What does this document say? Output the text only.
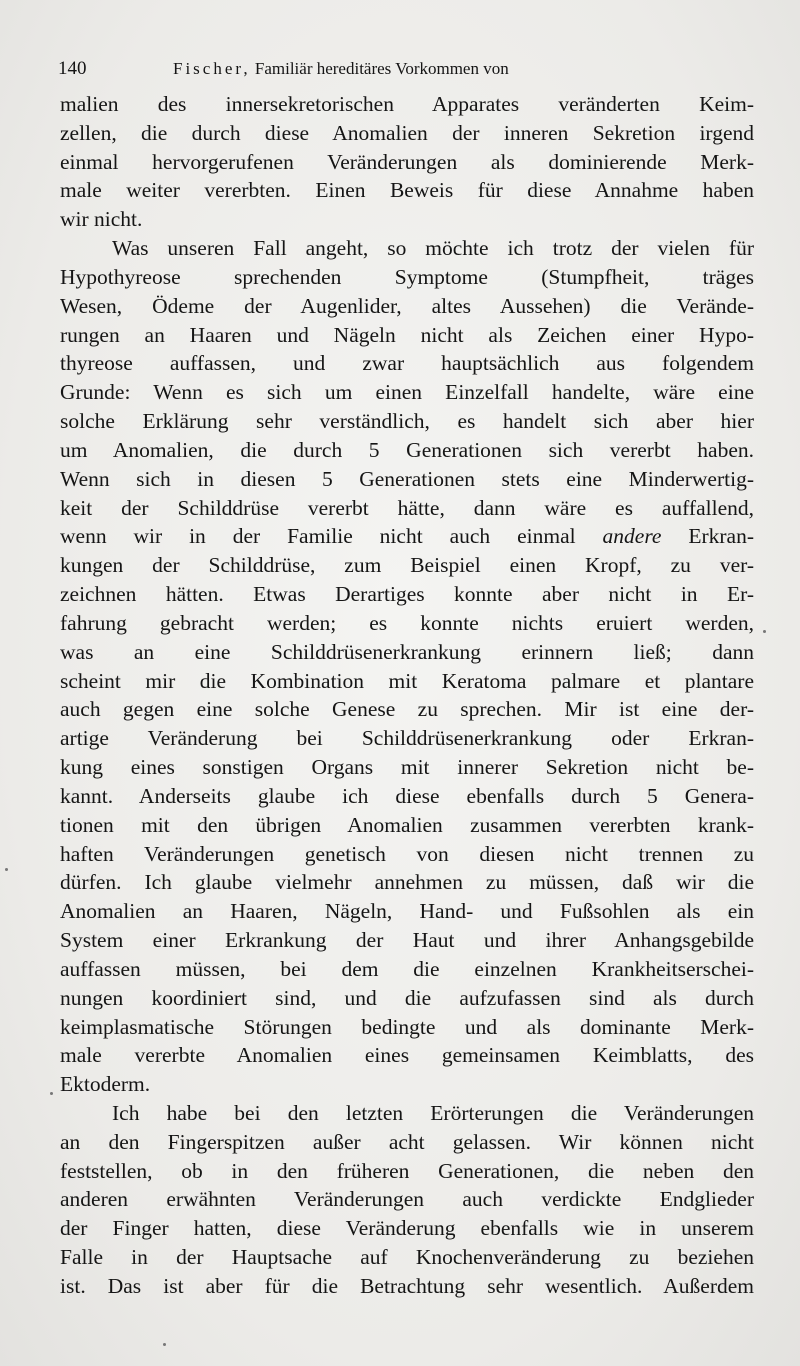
140	Fischer, Familiär hereditäres Vorkommen von
malien des innersekretorischen Apparates veränderten Keim-
zellen, die durch diese Anomalien der inneren Sekretion irgend
einmal hervorgerufenen Veränderungen als dominierende Merk-
male weiter vererbten. Einen Beweis für diese Annahme haben
wir nicht.
Was unseren Fall angeht, so möchte ich trotz der vielen für
Hypothyreose sprechenden Symptome (Stumpfheit, träges
Wesen, Ödeme der Augenlider, altes Aussehen) die Verände-
rungen an Haaren und Nägeln nicht als Zeichen einer Hypo-
thyreose auffassen, und zwar hauptsächlich aus folgendem
Grunde: Wenn es sich um einen Einzelfall handelte, wäre eine
solche Erklärung sehr verständlich, es handelt sich aber hier
um Anomalien, die durch 5 Generationen sich vererbt haben.
Wenn sich in diesen 5 Generationen stets eine Minderwertig-
keit der Schilddrüse vererbt hätte, dann wäre es auffallend,
wenn wir in der Familie nicht auch einmal andere Erkran-
kungen der Schilddrüse, zum Beispiel einen Kropf, zu ver-
zeichnen hätten. Etwas Derartiges konnte aber nicht in Er-
fahrung gebracht werden; es konnte nichts eruiert werden,
was an eine Schilddrüsenerkrankung erinnern ließ; dann
scheint mir die Kombination mit Keratoma palmare et plantare
auch gegen eine solche Genese zu sprechen. Mir ist eine der-
artige Veränderung bei Schilddrüsenerkrankung oder Erkran-
kung eines sonstigen Organs mit innerer Sekretion nicht be-
kannt. Anderseits glaube ich diese ebenfalls durch 5 Genera-
tionen mit den übrigen Anomalien zusammen vererbten krank-
haften Veränderungen genetisch von diesen nicht trennen zu
dürfen. Ich glaube vielmehr annehmen zu müssen, daß wir die
Anomalien an Haaren, Nägeln, Hand- und Fußsohlen als ein
System einer Erkrankung der Haut und ihrer Anhangsgebilde
auffassen müssen, bei dem die einzelnen Krankheitserschei-
nungen koordiniert sind, und die aufzufassen sind als durch
keimplasmatische Störungen bedingte und als dominante Merk-
male vererbte Anomalien eines gemeinsamen Keimblatts, des
Ektoderm.
Ich habe bei den letzten Erörterungen die Veränderungen
an den Fingerspitzen außer acht gelassen. Wir können nicht
feststellen, ob in den früheren Generationen, die neben den
anderen erwähnten Veränderungen auch verdickte Endglieder
der Finger hatten, diese Veränderung ebenfalls wie in unserem
Falle in der Hauptsache auf Knochenveränderung zu beziehen
ist. Das ist aber für die Betrachtung sehr wesentlich. Außerdem
